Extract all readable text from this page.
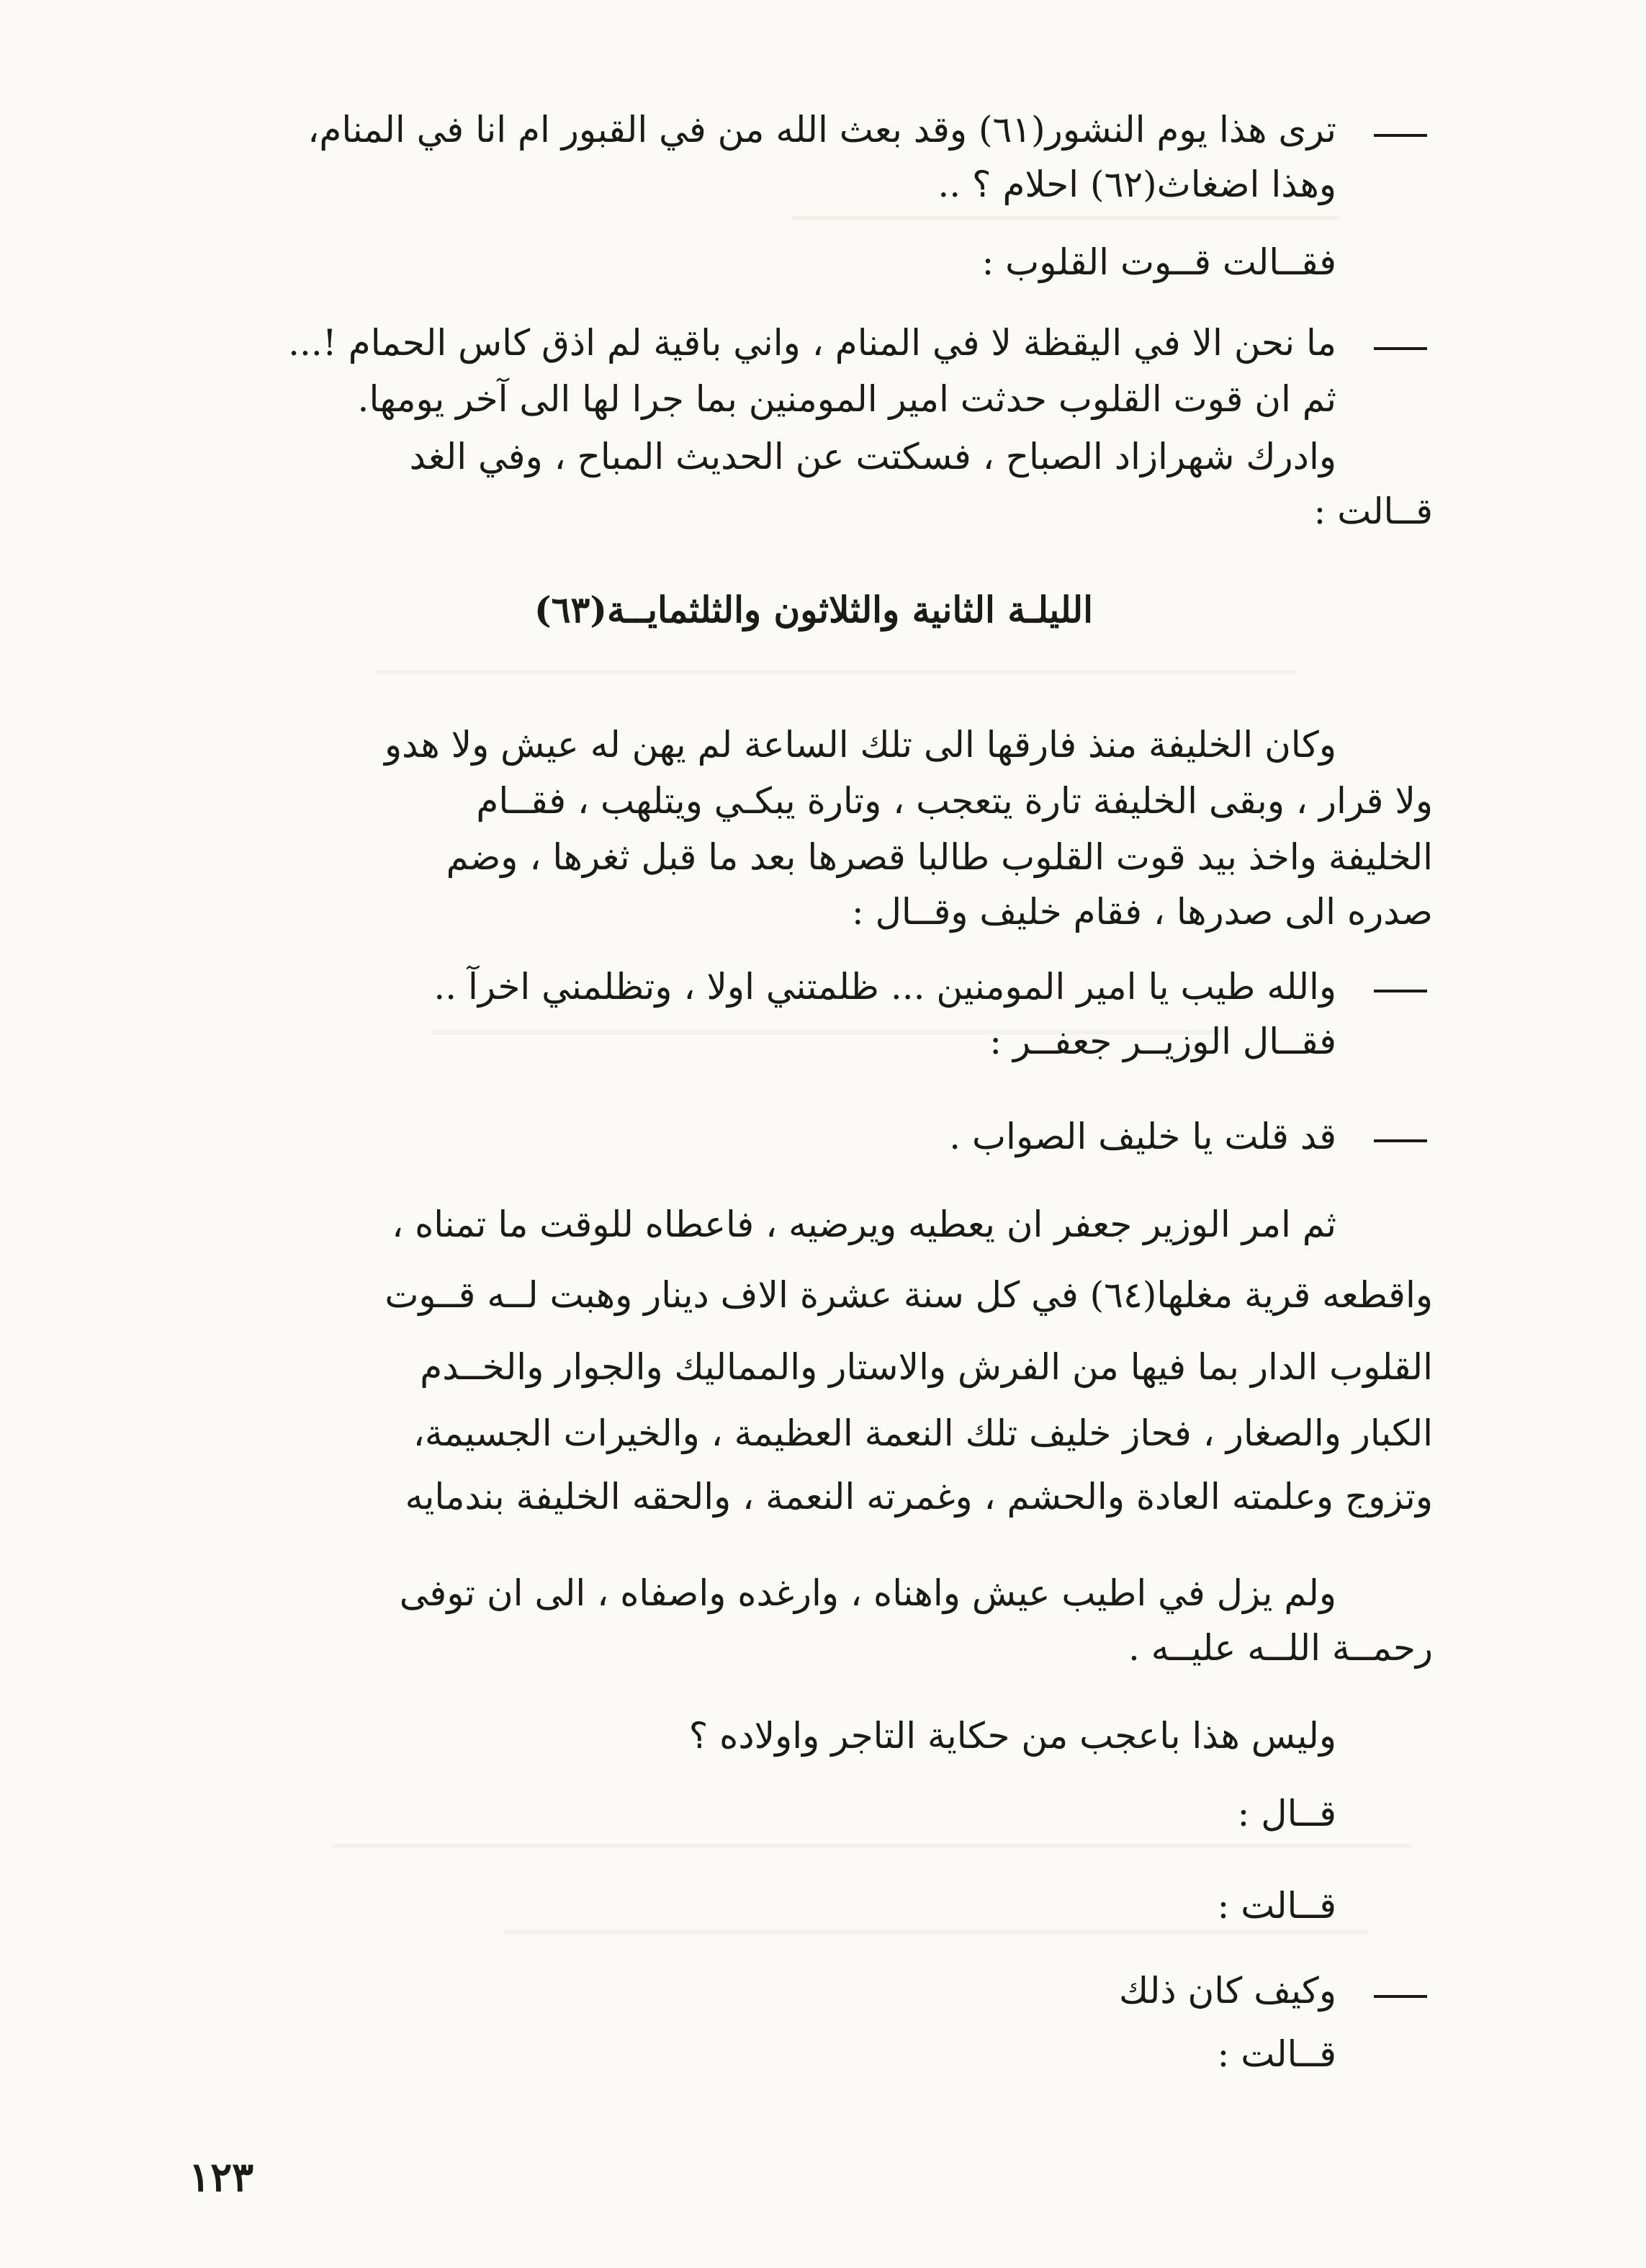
ترى هذا يوم النشور(٦١) وقد بعث الله من في القبور ام انا في المنام،
وهذا اضغاث(٦٢) احلام ؟ ..
فقــالت قــوت القلوب :
ما نحن الا في اليقظة لا في المنام ، واني باقية لم اذق كاس الحمام !...
ثم ان قوت القلوب حدثت امير المومنين بما جرا لها الى آخر يومها.
وادرك شهرازاد الصباح ، فسكتت عن الحديث المباح ، وفي الغد
قــالت :
الليلـة الثانية والثلاثون والثلثمايــة(٦٣)
وكان الخليفة منذ فارقها الى تلك الساعة لم يهن له عيش ولا هدو
ولا قرار ، وبقى الخليفة تارة يتعجب ، وتارة يبكـي ويتلهب ، فقــام
الخليفة واخذ بيد قوت القلوب طالبا قصرها بعد ما قبل ثغرها ، وضم
صدره الى صدرها ، فقام خليف وقــال :
والله طيب يا امير المومنين ... ظلمتني اولا ، وتظلمني اخرآ ..
فقــال الوزيــر جعفــر :
قد قلت يا خليف الصواب .
ثم امر الوزير جعفر ان يعطيه ويرضيه ، فاعطاه للوقت ما تمناه ،
واقطعه قرية مغلها(٦٤) في كل سنة عشرة الاف دينار وهبت لــه قــوت
القلوب الدار بما فيها من الفرش والاستار والمماليك والجوار والخــدم
الكبار والصغار ، فحاز خليف تلك النعمة العظيمة ، والخيرات الجسيمة،
وتزوج وعلمته العادة والحشم ، وغمرته النعمة ، والحقه الخليفة بندمايه
ولم يزل في اطيب عيش واهناه ، وارغده واصفاه ، الى ان توفى
رحمــة اللــه عليــه .
وليس هذا باعجب من حكاية التاجر واولاده ؟
قــال :
قــالت :
وكيف كان ذلك
قــالت :
١٢٣
